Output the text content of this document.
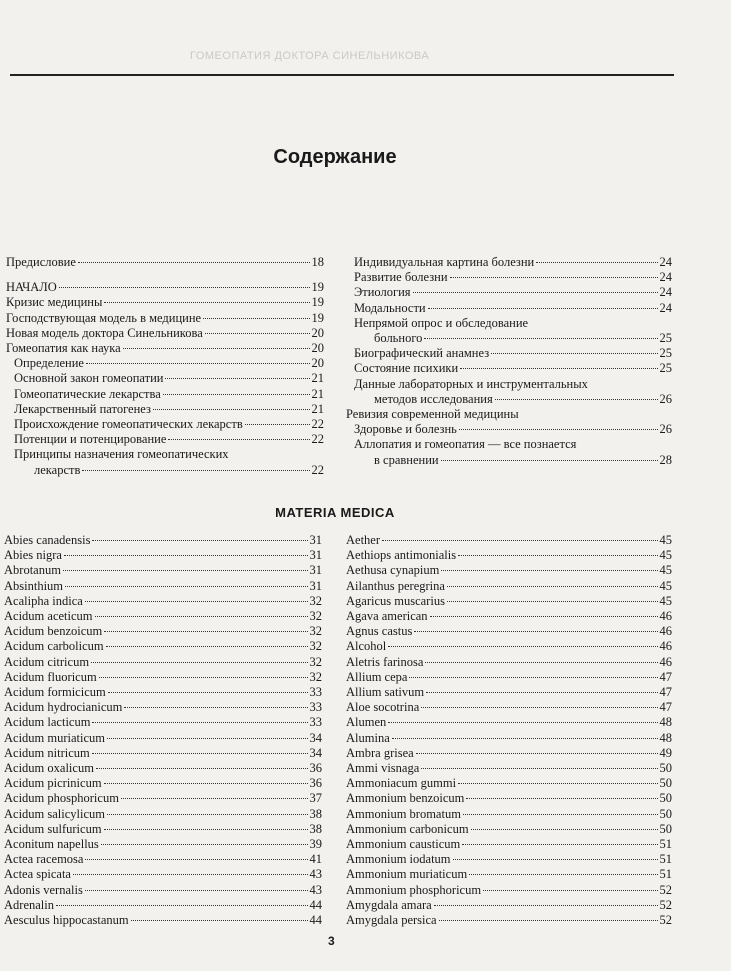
ГОМЕОПАТИЯ ДОКТОРА СИНЕЛЬНИКОВА
Содержание
Предисловие	18
НАЧАЛО	19
Кризис медицины	19
Господствующая модель в медицине	19
Новая модель доктора Синельникова	20
Гомеопатия как наука	20
Определение	20
Основной закон гомеопатии	21
Гомеопатические лекарства	21
Лекарственный патогенез	21
Происхождение гомеопатических лекарств	22
Потенции и потенцирование	22
Принципы назначения гомеопатических
лекарств	22
Индивидуальная картина болезни	24
Развитие болезни	24
Этиология	24
Модальности	24
Непрямой опрос и обследование
больного	25
Биографический анамнез	25
Состояние психики	25
Данные лабораторных и инструментальных
методов исследования	26
Ревизия современной медицины
Здоровье и болезнь	26
Аллопатия и гомеопатия — все познается
в сравнении	28
MATERIA MEDICA
Abies canadensis	31
Abies nigra	31
Abrotanum	31
Absinthium	31
Acalipha indica	32
Acidum aceticum	32
Acidum benzoicum	32
Acidum carbolicum	32
Acidum citricum	32
Acidum fluoricum	32
Acidum formicicum	33
Acidum hydrocianicum	33
Acidum lacticum	33
Acidum muriaticum	34
Acidum nitricum	34
Acidum oxalicum	36
Acidum picrinicum	36
Acidum phosphoricum	37
Acidum salicylicum	38
Acidum sulfuricum	38
Aconitum napellus	39
Actea racemosa	41
Actea spicata	43
Adonis vernalis	43
Adrenalin	44
Aesculus hippocastanum	44
Aether	45
Aethiops antimonialis	45
Aethusa cynapium	45
Ailanthus peregrina	45
Agaricus muscarius	45
Agava american	46
Agnus castus	46
Alcohol	46
Aletris farinosa	46
Allium cepa	47
Allium sativum	47
Aloe socotrina	47
Alumen	48
Alumina	48
Ambra grisea	49
Ammi visnaga	50
Ammoniacum gummi	50
Ammonium benzoicum	50
Ammonium bromatum	50
Ammonium carbonicum	50
Ammonium causticum	51
Ammonium iodatum	51
Ammonium muriaticum	51
Ammonium phosphoricum	52
Amygdala amara	52
Amygdala persica	52
3
